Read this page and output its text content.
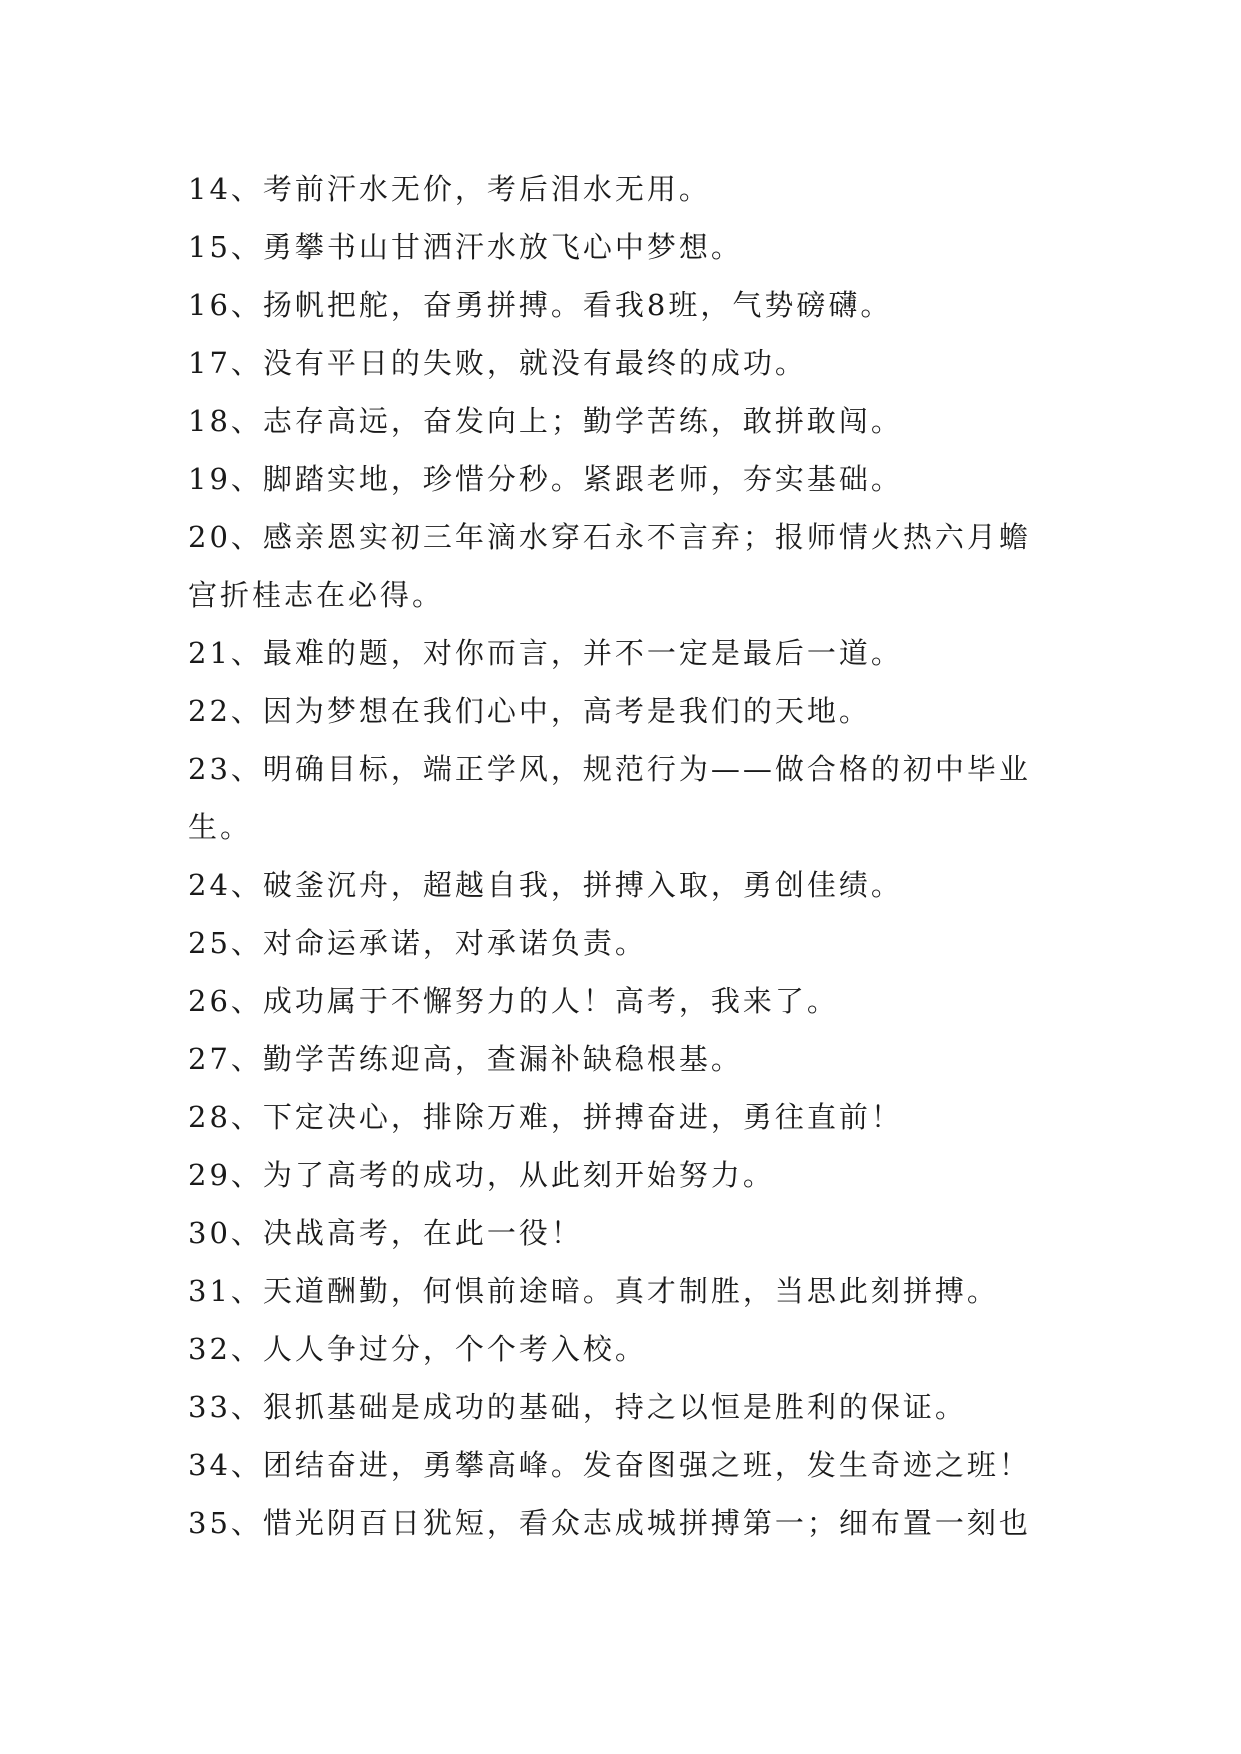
14、考前汗水无价，考后泪水无用。
15、勇攀书山甘洒汗水放飞心中梦想。
16、扬帆把舵，奋勇拼搏。看我8班，气势磅礴。
17、没有平日的失败，就没有最终的成功。
18、志存高远，奋发向上；勤学苦练，敢拼敢闯。
19、脚踏实地，珍惜分秒。紧跟老师，夯实基础。
20、感亲恩实初三年滴水穿石永不言弃；报师情火热六月蟾
宫折桂志在必得。
21、最难的题，对你而言，并不一定是最后一道。
22、因为梦想在我们心中，高考是我们的天地。
23、明确目标，端正学风，规范行为——做合格的初中毕业
生。
24、破釜沉舟，超越自我，拼搏入取，勇创佳绩。
25、对命运承诺，对承诺负责。
26、成功属于不懈努力的人！高考，我来了。
27、勤学苦练迎高，查漏补缺稳根基。
28、下定决心，排除万难，拼搏奋进，勇往直前！
29、为了高考的成功，从此刻开始努力。
30、决战高考，在此一役！
31、天道酬勤，何惧前途暗。真才制胜，当思此刻拼搏。
32、人人争过分，个个考入校。
33、狠抓基础是成功的基础，持之以恒是胜利的保证。
34、团结奋进，勇攀高峰。发奋图强之班，发生奇迹之班！
35、惜光阴百日犹短，看众志成城拼搏第一；细布置一刻也
